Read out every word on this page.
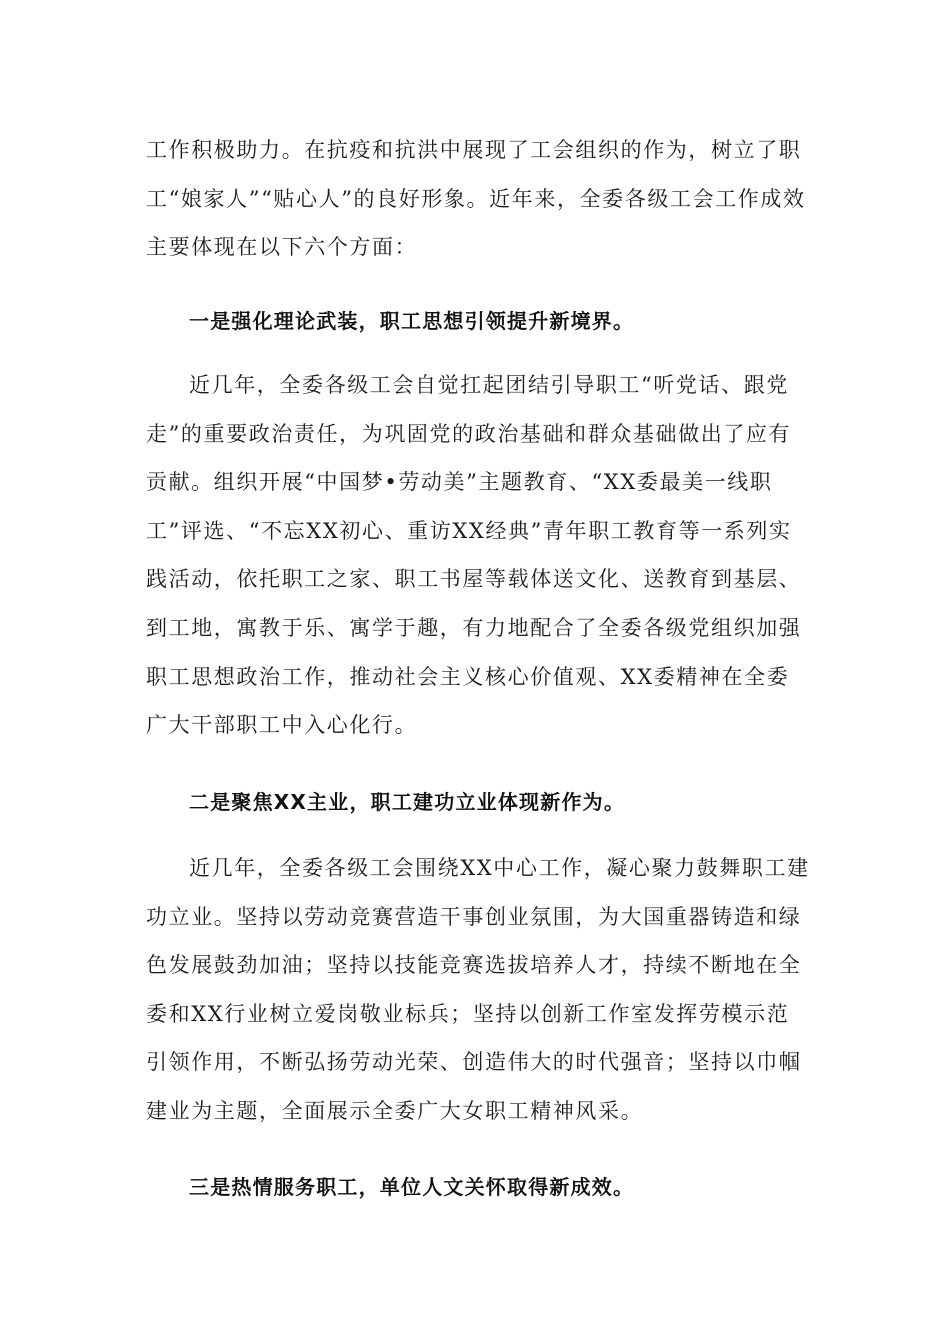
工作积极助力。在抗疫和抗洪中展现了工会组织的作为，树立了职工“娘家人”“贴心人”的良好形象。近年来，全委各级工会工作成效主要体现在以下六个方面：

一是强化理论武装，职工思想引领提升新境界。

近几年，全委各级工会自觉扛起团结引导职工“听党话、跟党走”的重要政治责任，为巩固党的政治基础和群众基础做出了应有贡献。组织开展“中国梦•劳动美”主题教育、“XX委最美一线职工”评选、“不忘XX初心、重访XX经典”青年职工教育等一系列实践活动，依托职工之家、职工书屋等载体送文化、送教育到基层、到工地，寓教于乐、寓学于趣，有力地配合了全委各级党组织加强职工思想政治工作，推动社会主义核心价值观、XX委精神在全委广大干部职工中入心化行。

二是聚焦XX主业，职工建功立业体现新作为。

近几年，全委各级工会围绕XX中心工作，凝心聚力鼓舞职工建功立业。坚持以劳动竞赛营造干事创业氛围，为大国重器铸造和绿色发展鼓劲加油；坚持以技能竞赛选拔培养人才，持续不断地在全委和XX行业树立爱岗敬业标兵；坚持以创新工作室发挥劳模示范引领作用，不断弘扬劳动光荣、创造伟大的时代强音；坚持以巾帼建业为主题，全面展示全委广大女职工精神风采。

三是热情服务职工，单位人文关怀取得新成效。
